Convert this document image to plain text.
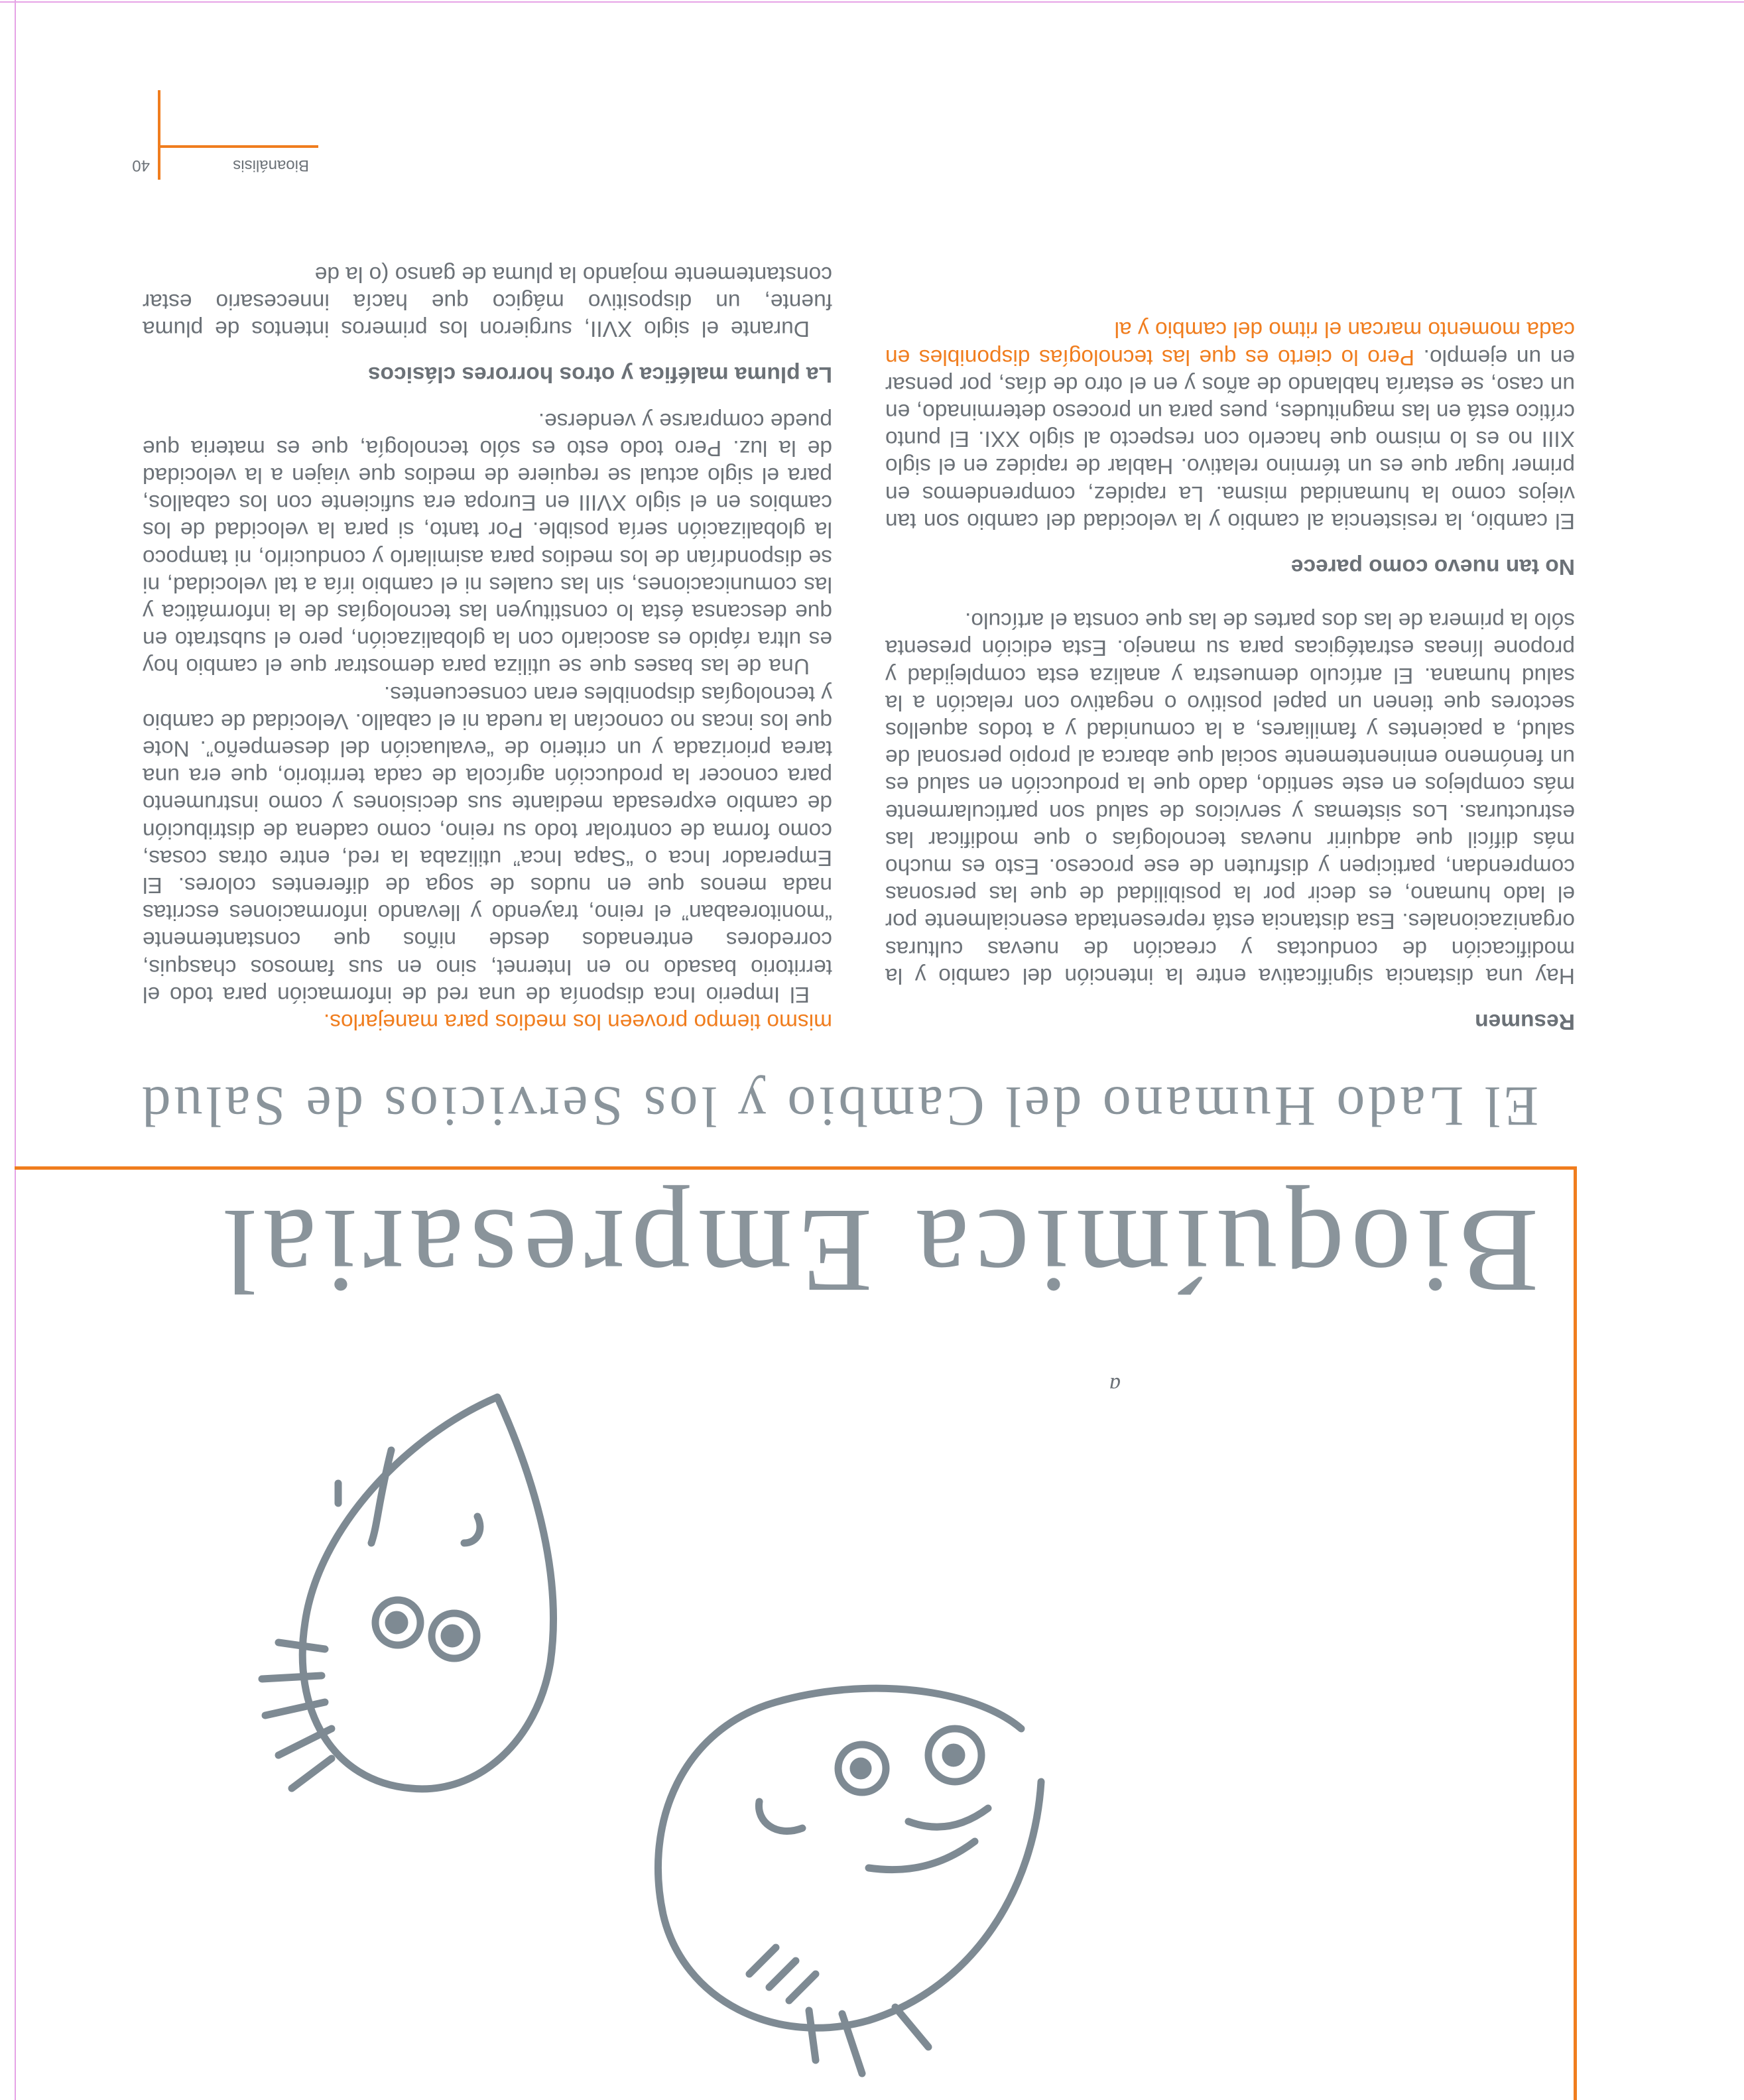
Bioanálisis
40

Resumen

Hay una distancia significativa entre la intención del cambio y la modificación de conductas y creación de nuevas culturas organizacionales. Esa distancia está representada esencialmente por el lado humano, es decir por la posibilidad de que las personas comprendan, participen y disfruten de ese proceso. Esto es mucho más difícil que adquirir nuevas tecnologías o que modificar las estructuras. Los sistemas y servicios de salud son particularmente más complejos en este sentido, dado que la producción en salud es un fenómeno eminentemente social que abarca al propio personal de salud, a pacientes y familiares, a la comunidad y a todos aquellos sectores que tienen un papel positivo o negativo con relación a la salud humana. El artículo demuestra y analiza esta complejidad y propone líneas estratégicas para su manejo. Esta edición presenta sólo la primera de las dos partes de las que consta el artículo.

No tan nuevo como parece

El cambio, la resistencia al cambio y la velocidad del cambio son tan viejos como la humanidad misma. La rapidez, comprendemos en primer lugar que es un término relativo. Hablar de rapidez en el siglo XIII no es lo mismo que hacerlo con respecto al siglo XXI. El punto crítico está en las magnitudes, pues para un proceso determinado, en un caso, se estaría hablando de años y en el otro de días, por pensar en un ejemplo. Pero lo cierto es que las tecnologías disponibles en cada momento marcan el ritmo del cambio y al

mismo tiempo proveen los medios para manejarlos.

El Imperio Inca disponía de una red de información para todo el territorio basado no en Internet, sino en sus famosos chasquis, corredores entrenados desde niños que constantemente “monitoreaban” el reino, trayendo y llevando informaciones escritas nada menos que en nudos de soga de diferentes colores. El Emperador Inca o “Sapa Inca” utilizaba la red, entre otras cosas, como forma de controlar todo su reino, como cadena de distribución de cambio expresada mediante sus decisiones y como instrumento para conocer la producción agrícola de cada territorio, que era una tarea priorizada y un criterio de “evaluación del desempeño”. Note que los incas no conocían la rueda ni el caballo. Velocidad de cambio y tecnologías disponibles eran consecuentes.

Una de las bases que se utiliza para demostrar que el cambio hoy es ultra rápido es asociarlo con la globalización, pero el substrato en que descansa ésta lo constituyen las tecnologías de la informática y las comunicaciones, sin las cuales ni el cambio iría a tal velocidad, ni se dispondrían de los medios para asimilarlo y conducirlo, ni tampoco la globalización sería posible. Por tanto, si para la velocidad de los cambios en el siglo XVIII en Europa era suficiente con los caballos, para el siglo actual se requiere de medios que viajen a la velocidad de la luz. Pero todo esto es sólo tecnología, que es materia que puede comprarse y venderse.

La pluma maléfica y otros horrores clásicos

Durante el siglo XVII, surgieron los primeros intentos de pluma fuente, un dispositivo mágico que hacía innecesario estar constantemente mojando la pluma de ganso (o la de

El Lado Humano del Cambio y los Servicios de Salud
Bioquímica Empresarial
a
